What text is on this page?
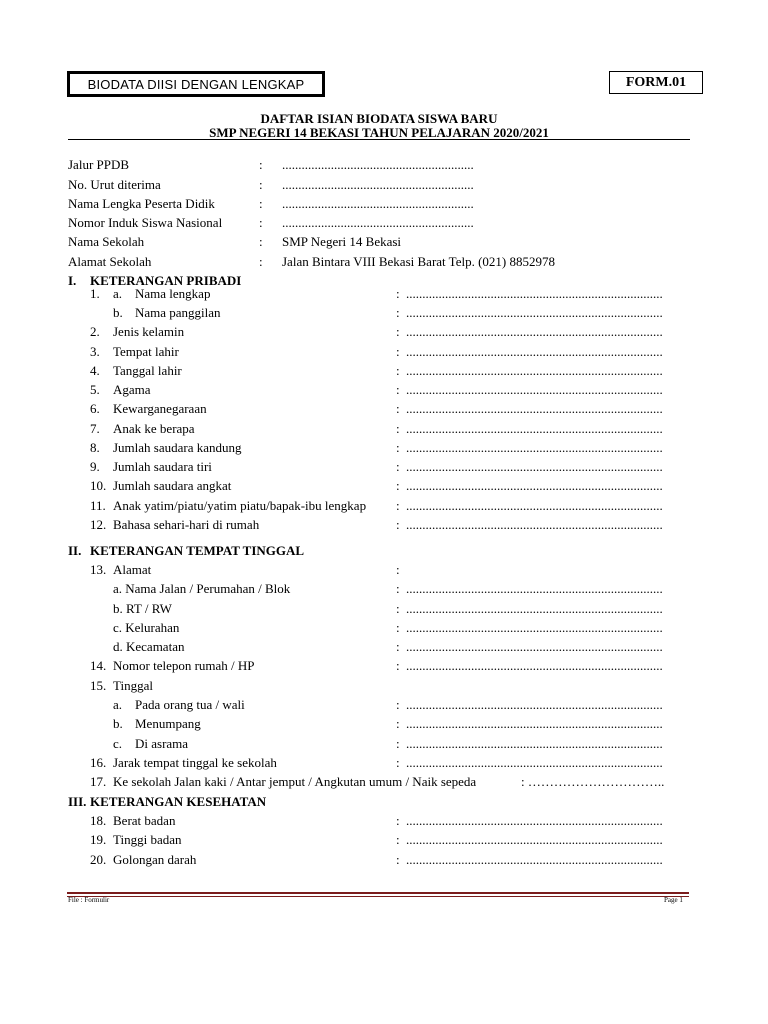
BIODATA DIISI DENGAN LENGKAP	FORM.01
DAFTAR ISIAN BIODATA SISWA BARU
SMP NEGERI 14 BEKASI TAHUN PELAJARAN 2020/2021
Jalur PPDB	: ...........................................................
No. Urut diterima	: ...........................................................
Nama Lengka Peserta Didik	: ...........................................................
Nomor Induk Siswa Nasional	: ...........................................................
Nama Sekolah	: SMP Negeri 14 Bekasi
Alamat Sekolah	: Jalan Bintara VIII Bekasi Barat Telp. (021) 8852978
I. KETERANGAN PRIBADI
1. a. Nama lengkap	: ...............................................................................
b. Nama panggilan	: ...............................................................................
2. Jenis kelamin	: ...............................................................................
3. Tempat lahir	: ...............................................................................
4. Tanggal lahir	: ...............................................................................
5. Agama	: ...............................................................................
6. Kewarganegaraan	: ...............................................................................
7. Anak ke berapa	: ...............................................................................
8. Jumlah saudara kandung	: ...............................................................................
9. Jumlah saudara tiri	: ...............................................................................
10. Jumlah saudara angkat	: ...............................................................................
11. Anak yatim/piatu/yatim piatu/bapak-ibu lengkap : ...............................................................................
12. Bahasa sehari-hari di rumah	: ...............................................................................
II. KETERANGAN TEMPAT TINGGAL
13. Alamat	:
a. Nama Jalan / Perumahan / Blok	: ...............................................................................
b. RT / RW	: ...............................................................................
c. Kelurahan	: ...............................................................................
d. Kecamatan	: ...............................................................................
14. Nomor telepon rumah / HP	: ...............................................................................
15. Tinggal
a. Pada orang tua / wali	: ...............................................................................
b. Menumpang	: ...............................................................................
c. Di asrama	: ...............................................................................
16. Jarak tempat tinggal ke sekolah	: ...............................................................................
17. Ke sekolah Jalan kaki / Antar jemput / Angkutan umum / Naik sepeda	: …………………………..
III. KETERANGAN KESEHATAN
18. Berat badan	: ...............................................................................
19. Tinggi badan	: ...............................................................................
20. Golongan darah	: ...............................................................................
File : Formulir	Page 1
